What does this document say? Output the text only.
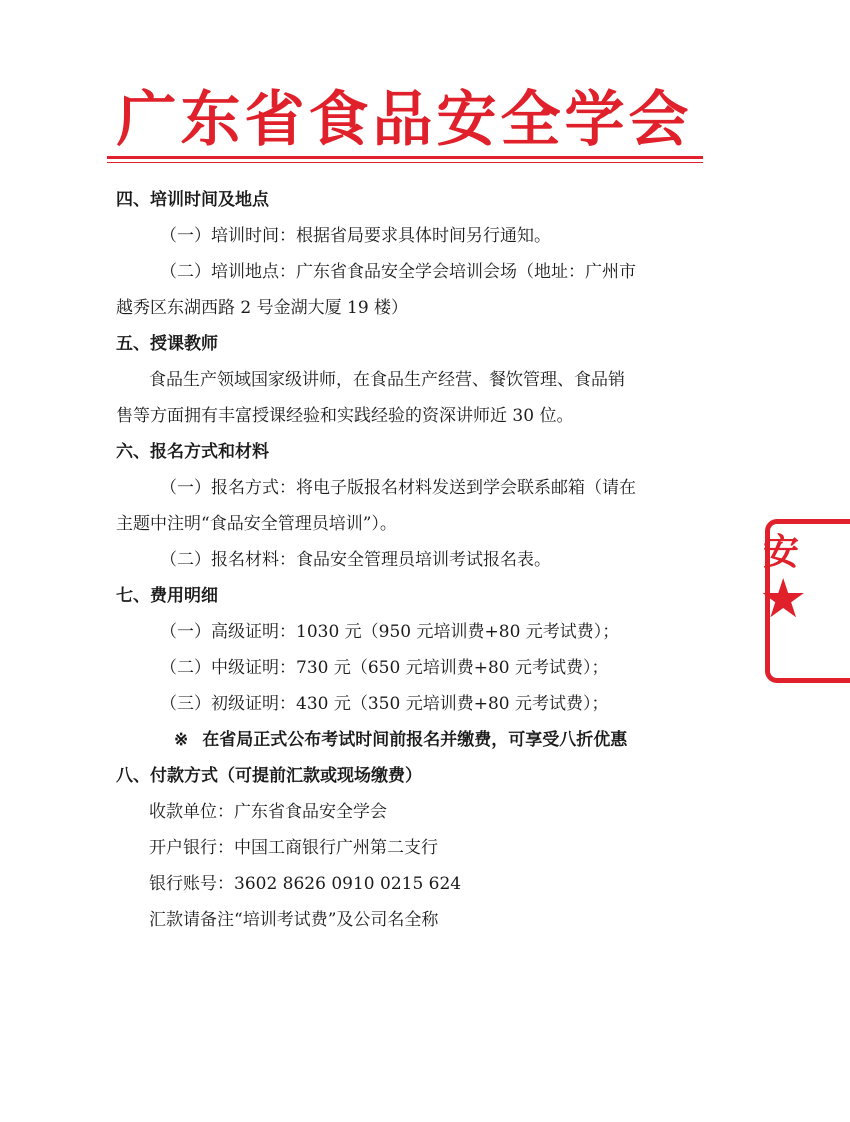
广东省食品安全学会

四、培训时间及地点

（一）培训时间：根据省局要求具体时间另行通知。

（二）培训地点：广东省食品安全学会培训会场（地址：广州市

越秀区东湖西路 2 号金湖大厦 19 楼）

五、授课教师

食品生产领域国家级讲师，在食品生产经营、餐饮管理、食品销

售等方面拥有丰富授课经验和实践经验的资深讲师近 30 位。

六、报名方式和材料

（一）报名方式：将电子版报名材料发送到学会联系邮箱（请在

主题中注明“食品安全管理员培训”）。

（二）报名材料：食品安全管理员培训考试报名表。

七、费用明细

（一）高级证明：1030 元（950 元培训费+80 元考试费）；

（二）中级证明：730 元（650 元培训费+80 元考试费）；

（三）初级证明：430 元（350 元培训费+80 元考试费）；

※ 在省局正式公布考试时间前报名并缴费，可享受八折优惠

八、付款方式（可提前汇款或现场缴费）

收款单位：广东省食品安全学会

开户银行：中国工商银行广州第二支行

银行账号：3602 8626 0910 0215 624

汇款请备注“培训考试费”及公司名全称

安
★
